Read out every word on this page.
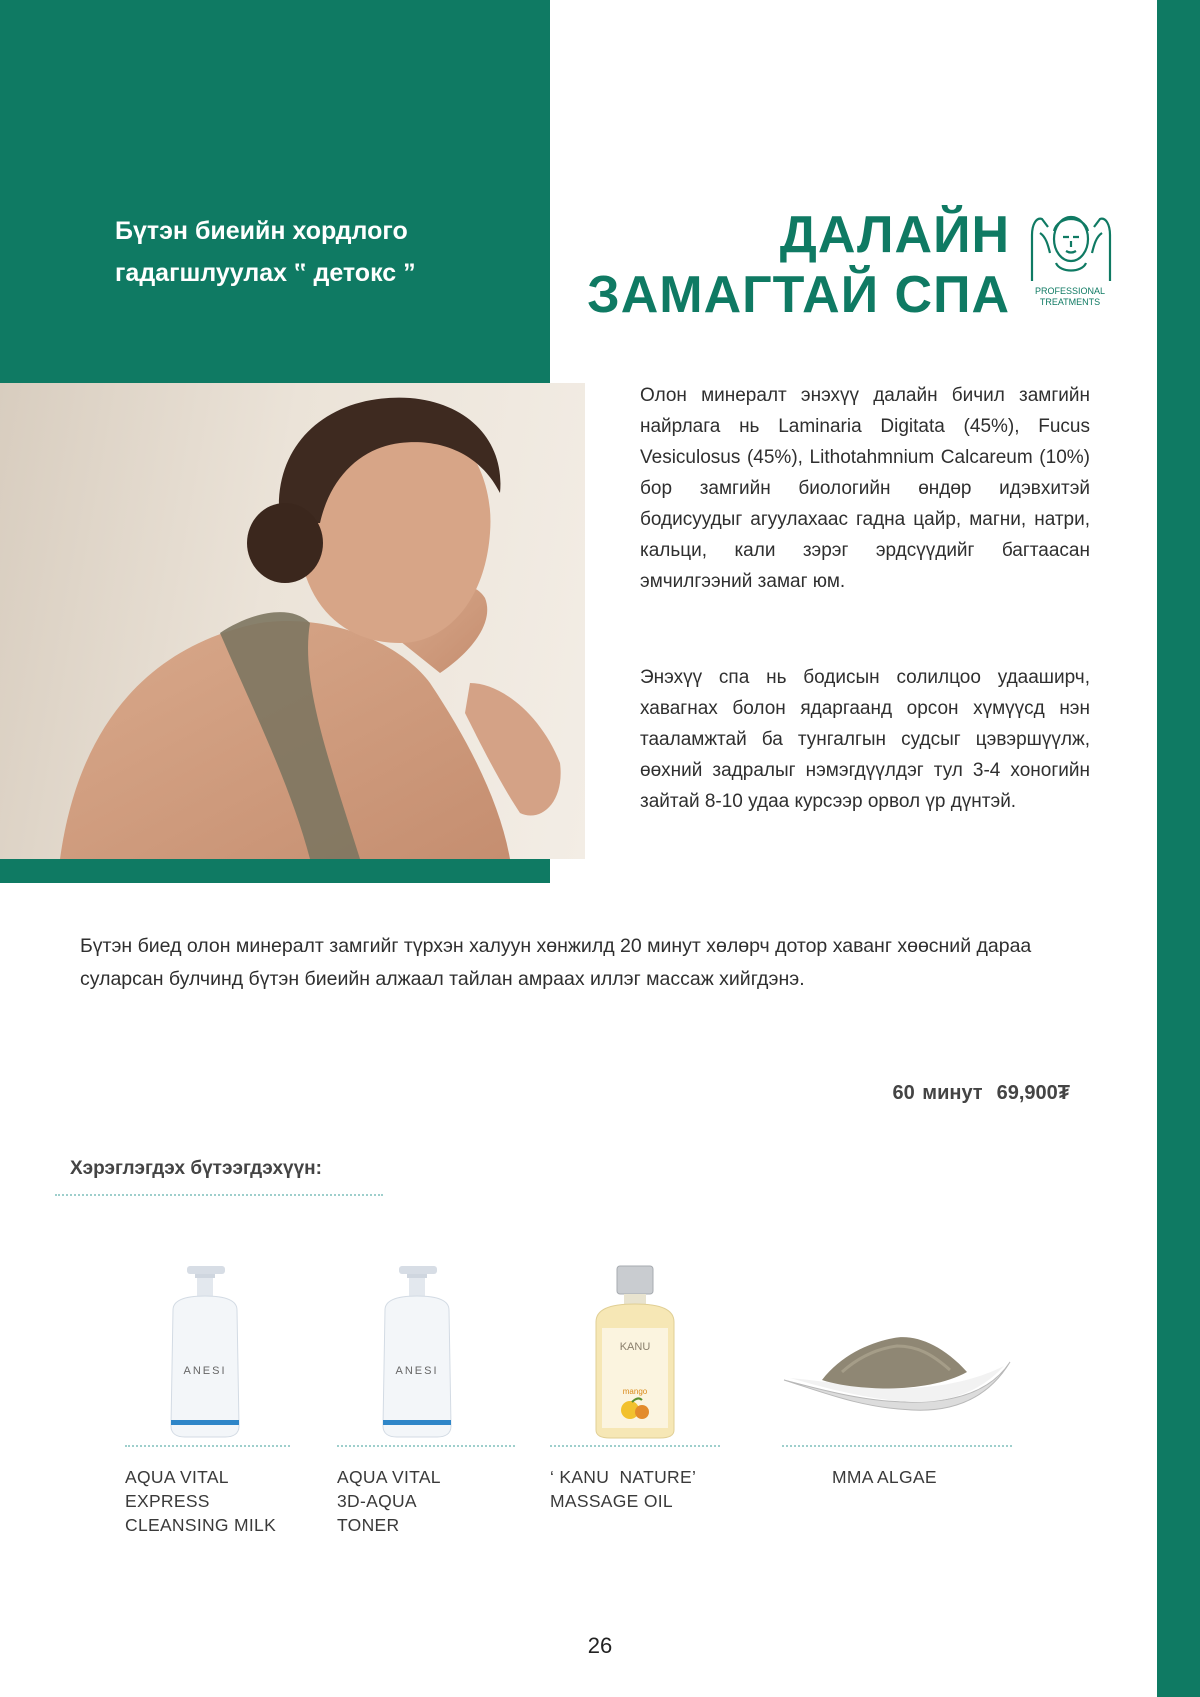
Бүтэн биеийн хордлого
гадагшлуулах ‟ детокс ”
ДАЛАЙН
ЗАМАГТАЙ СПА	PROFESSIONAL
TREATMENTS
Олон минералт энэхүү далайн бичил замгийн найрлага нь Laminaria Digitata (45%), Fucus Vesiculosus (45%), Lithotahmnium Calcareum (10%) бор замгийн биологийн өндөр идэвхитэй бодисуудыг агуулахаас гадна цайр, магни, натри, кальци, кали зэрэг эрдсүүдийг багтаасан эмчилгээний замаг юм.
Энэхүү спа нь бодисын солилцоо удааширч, хавагнах болон ядаргаанд орсон хүмүүсд нэн тааламжтай ба тунгалгын судсыг цэвэршүүлж, өөхний задралыг нэмэгдүүлдэг тул 3-4 хоногийн зайтай 8-10 удаа курсээр орвол үр дүнтэй.
Бүтэн биед олон минералт замгийг түрхэн халуун хөнжилд 20 минут хөлөрч дотор хаванг хөөсний дараа суларсан булчинд бүтэн биеийн алжаал тайлан амраах иллэг массаж хийгдэнэ.
60 минут 69,900₮
Хэрэглэгдэх бүтээгдэхүүн:
ANESI
AQUA VITAL
EXPRESS
CLEANSING MILK
ANESI
AQUA VITAL
3D-AQUA
TONER
KANU
mango
‘ KANU  NATURE’
MASSAGE OIL
MMA ALGAE
26
